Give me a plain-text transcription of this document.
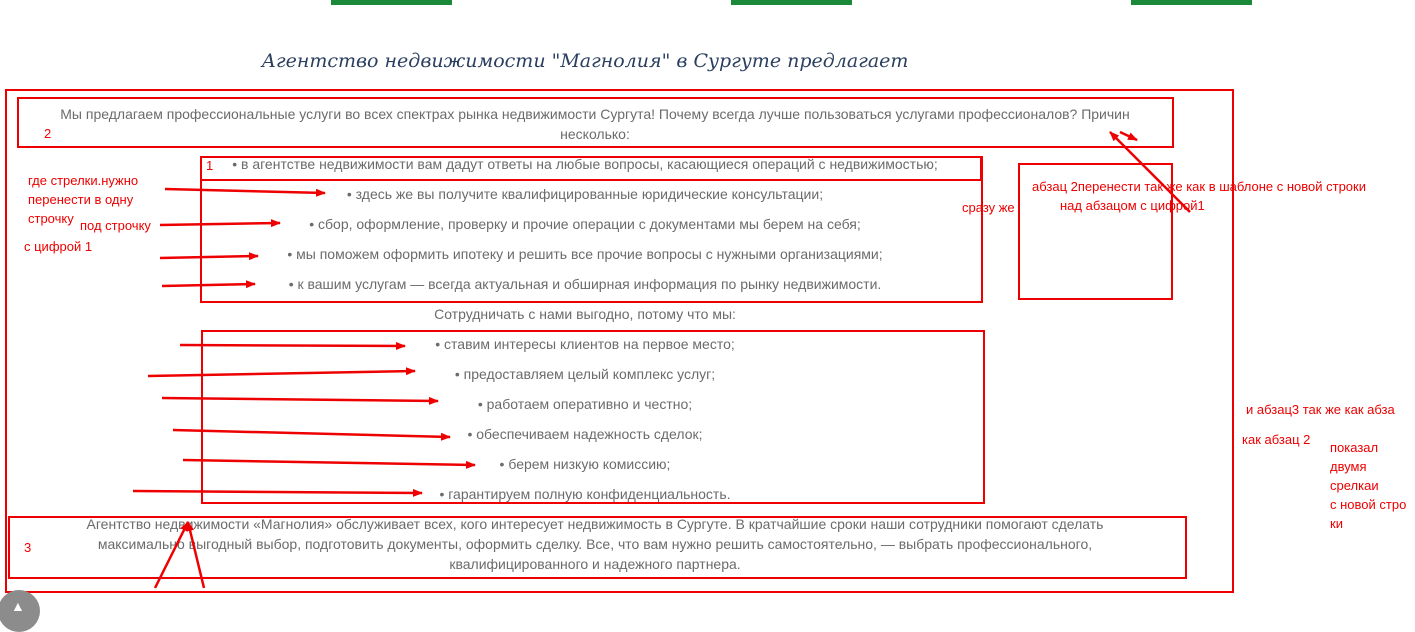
Агентство недвижимости "Магнолия" в Сургуте предлагает
Мы предлагаем профессиональные услуги во всех спектрах рынка недвижимости Сургута! Почему всегда лучше пользоваться услугами профессионалов? Причин
несколько:
• в агентстве недвижимости вам дадут ответы на любые вопросы, касающиеся операций с недвижимостью;
• здесь же вы получите квалифицированные юридические консультации;
• сбор, оформление, проверку и прочие операции с документами мы берем на себя;
• мы поможем оформить ипотеку и решить все прочие вопросы с нужными организациями;
• к вашим услугам — всегда актуальная и обширная информация по рынку недвижимости.
Сотрудничать с нами выгодно, потому что мы:
• ставим интересы клиентов на первое место;
• предоставляем целый комплекс услуг;
• работаем оперативно и честно;
• обеспечиваем надежность сделок;
• берем низкую комиссию;
• гарантируем полную конфиденциальность.
Агентство недвижимости «Магнолия» обслуживает всех, кого интересует недвижимость в Сургуте. В кратчайшие сроки наши сотрудники помогают сделать
максимально выгодный выбор, подготовить документы, оформить сделку. Все, что вам нужно решить самостоятельно, — выбрать профессионального,
квалифицированного и надежного партнера.
1
2
3
где стрелки.нужно
перенести в одну
строчку под строчку
с цифрой 1
сразу же
абзац 2перенести так же как в шаблоне с новой строки
над абзацом с цифрой1
и абзац3 так же как абза
как абзац 2
показал
двумя
срелкаи
с новой стро
ки
▲
